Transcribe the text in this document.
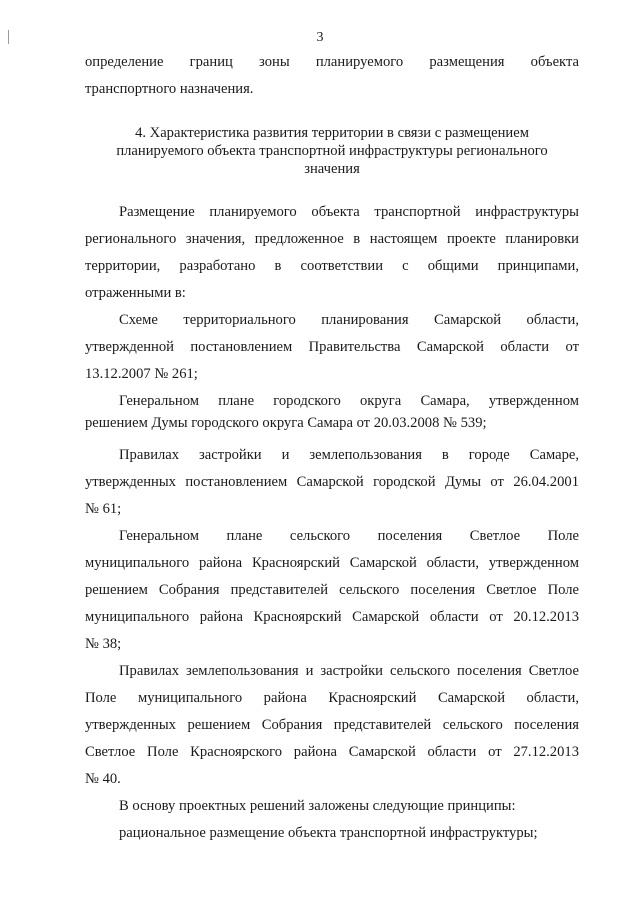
3
определение границ зоны планируемого размещения объекта
транспортного назначения.
4. Характеристика развития территории в связи с размещением
планируемого объекта транспортной инфраструктуры регионального
значения
Размещение планируемого объекта транспортной инфраструктуры
регионального значения, предложенное в настоящем проекте планировки
территории, разработано в соответствии с общими принципами,
отраженными в:
Схеме территориального планирования Самарской области,
утвержденной постановлением Правительства Самарской области от
13.12.2007 № 261;
Генеральном плане городского округа Самара, утвержденном
решением Думы городского округа Самара от 20.03.2008 № 539;
Правилах застройки и землепользования в городе Самаре,
утвержденных постановлением Самарской городской Думы от 26.04.2001
№ 61;
Генеральном плане сельского поселения Светлое Поле
муниципального района Красноярский Самарской области, утвержденном
решением Собрания представителей сельского поселения Светлое Поле
муниципального района Красноярский Самарской области от 20.12.2013
№ 38;
Правилах землепользования и застройки сельского поселения Светлое
Поле муниципального района Красноярский Самарской области,
утвержденных решением Собрания представителей сельского поселения
Светлое Поле Красноярского района Самарской области от 27.12.2013
№ 40.
В основу проектных решений заложены следующие принципы:
рациональное размещение объекта транспортной инфраструктуры;
